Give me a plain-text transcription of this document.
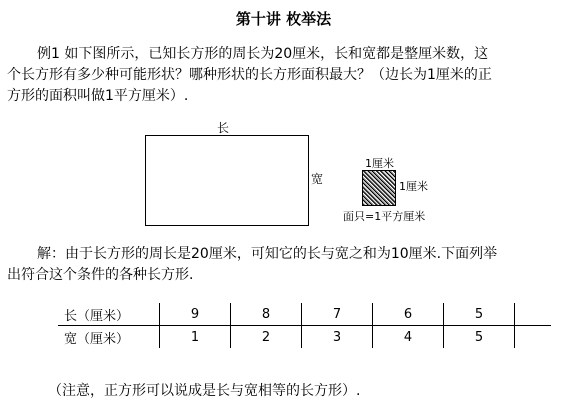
第十讲 枚举法
例1 如下图所示，已知长方形的周长为20厘米，长和宽都是整厘米数，这
个长方形有多少种可能形状？哪种形状的长方形面积最大？（边长为1厘米的正
方形的面积叫做1平方厘米）.
长
宽
1厘米
1厘米
面只=1平方厘米
解：由于长方形的周长是20厘米，可知它的长与宽之和为10厘米.下面列举
出符合这个条件的各种长方形.
长（厘米）	9	8	7	6	5	
宽（厘米）	1	2	3	4	5	
（注意，正方形可以说成是长与宽相等的长方形）.
